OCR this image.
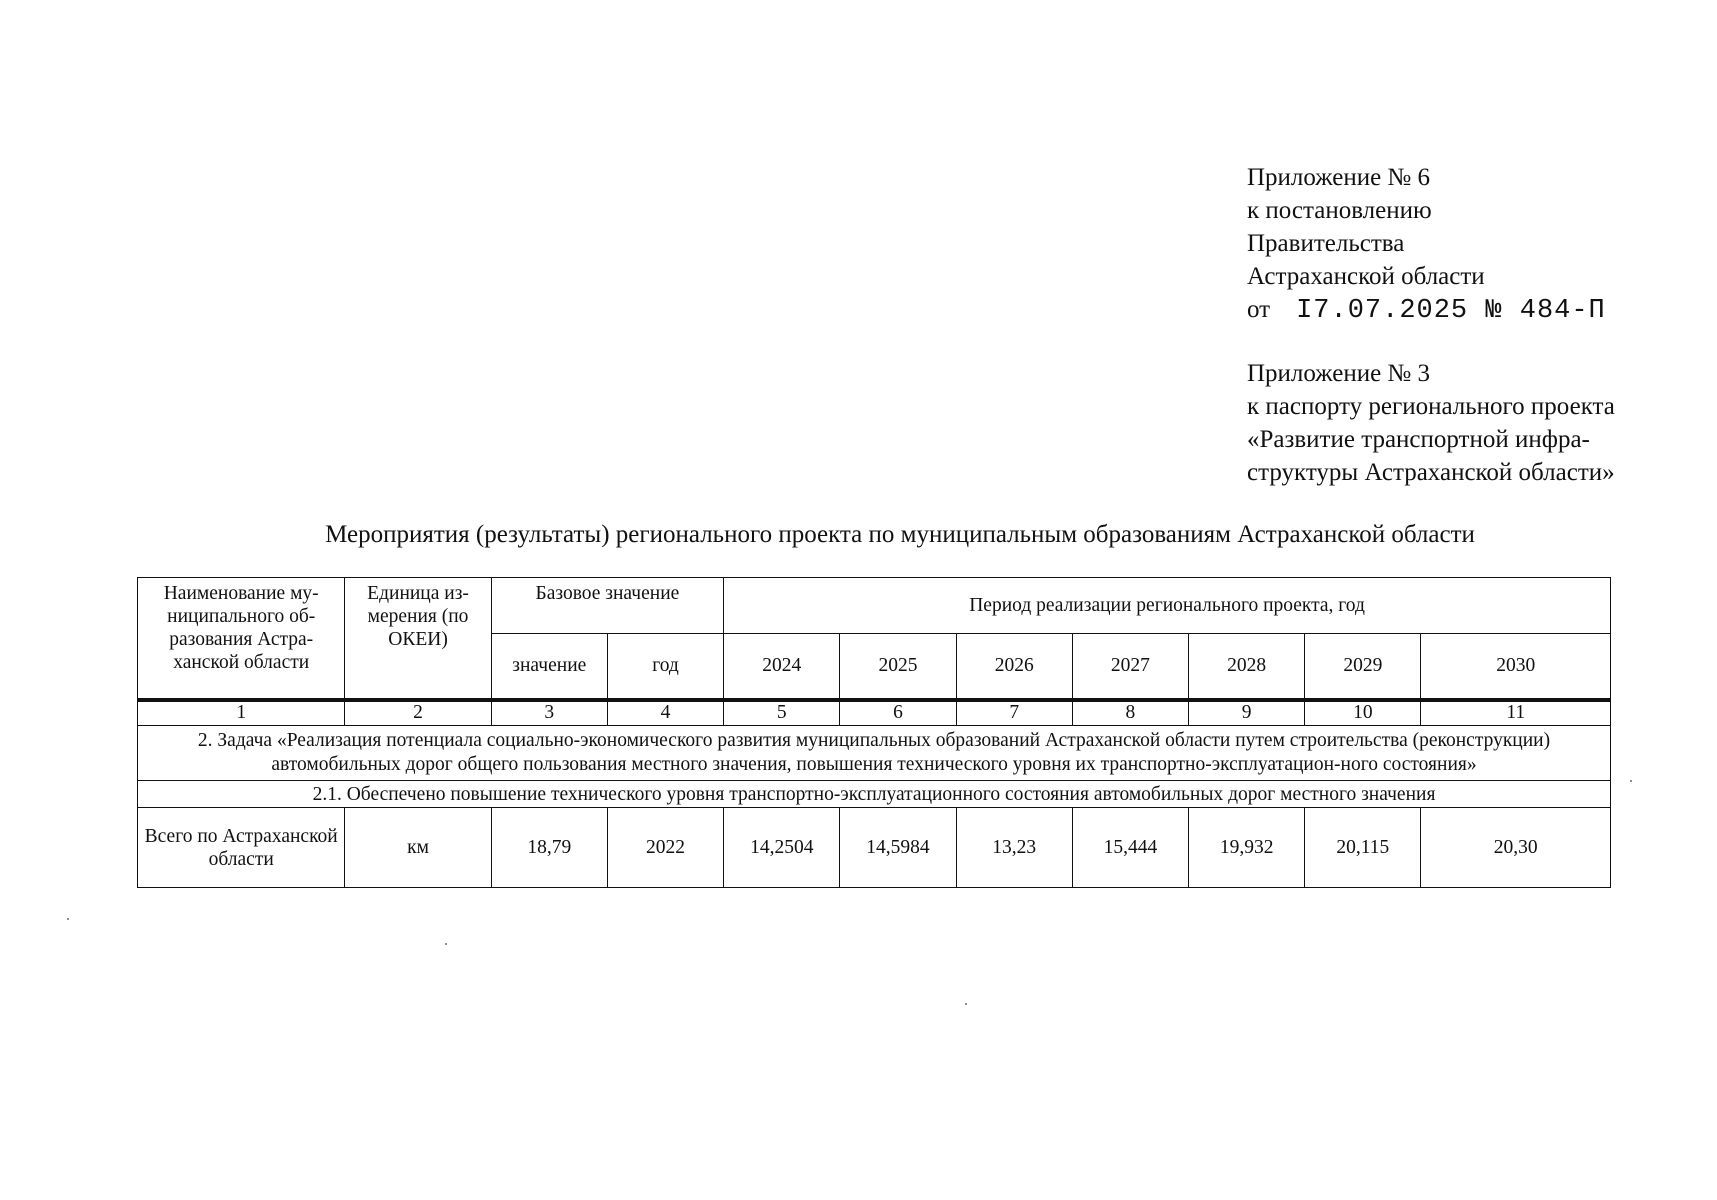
Приложение № 6
к постановлению
Правительства
Астраханской области
от I7.07.2025 № 484-П
Приложение № 3
к паспорту регионального проекта
«Развитие транспортной инфра-
структуры Астраханской области»
Мероприятия (результаты) регионального проекта по муниципальным образованиям Астраханской области
Наименование му-ниципального об-разования Астра-ханской области	Единица из-мерения (по ОКЕИ)	Базовое значение		Период реализации регионального проекта, год						
		значение	год	2024	2025	2026	2027	2028	2029	2030
1	2	3	4	5	6	7	8	9	10	11
2. Задача «Реализация потенциала социально-экономического развития муниципальных образований Астраханской области путем строительства (реконструкции) автомобильных дорог общего пользования местного значения, повышения технического уровня их транспортно-эксплуатацион-ного состояния»										
2.1. Обеспечено повышение технического уровня транспортно-эксплуатационного состояния автомобильных дорог местного значения										
Всего по Астраханской области	км	18,79	2022	14,2504	14,5984	13,23	15,444	19,932	20,115	20,30
